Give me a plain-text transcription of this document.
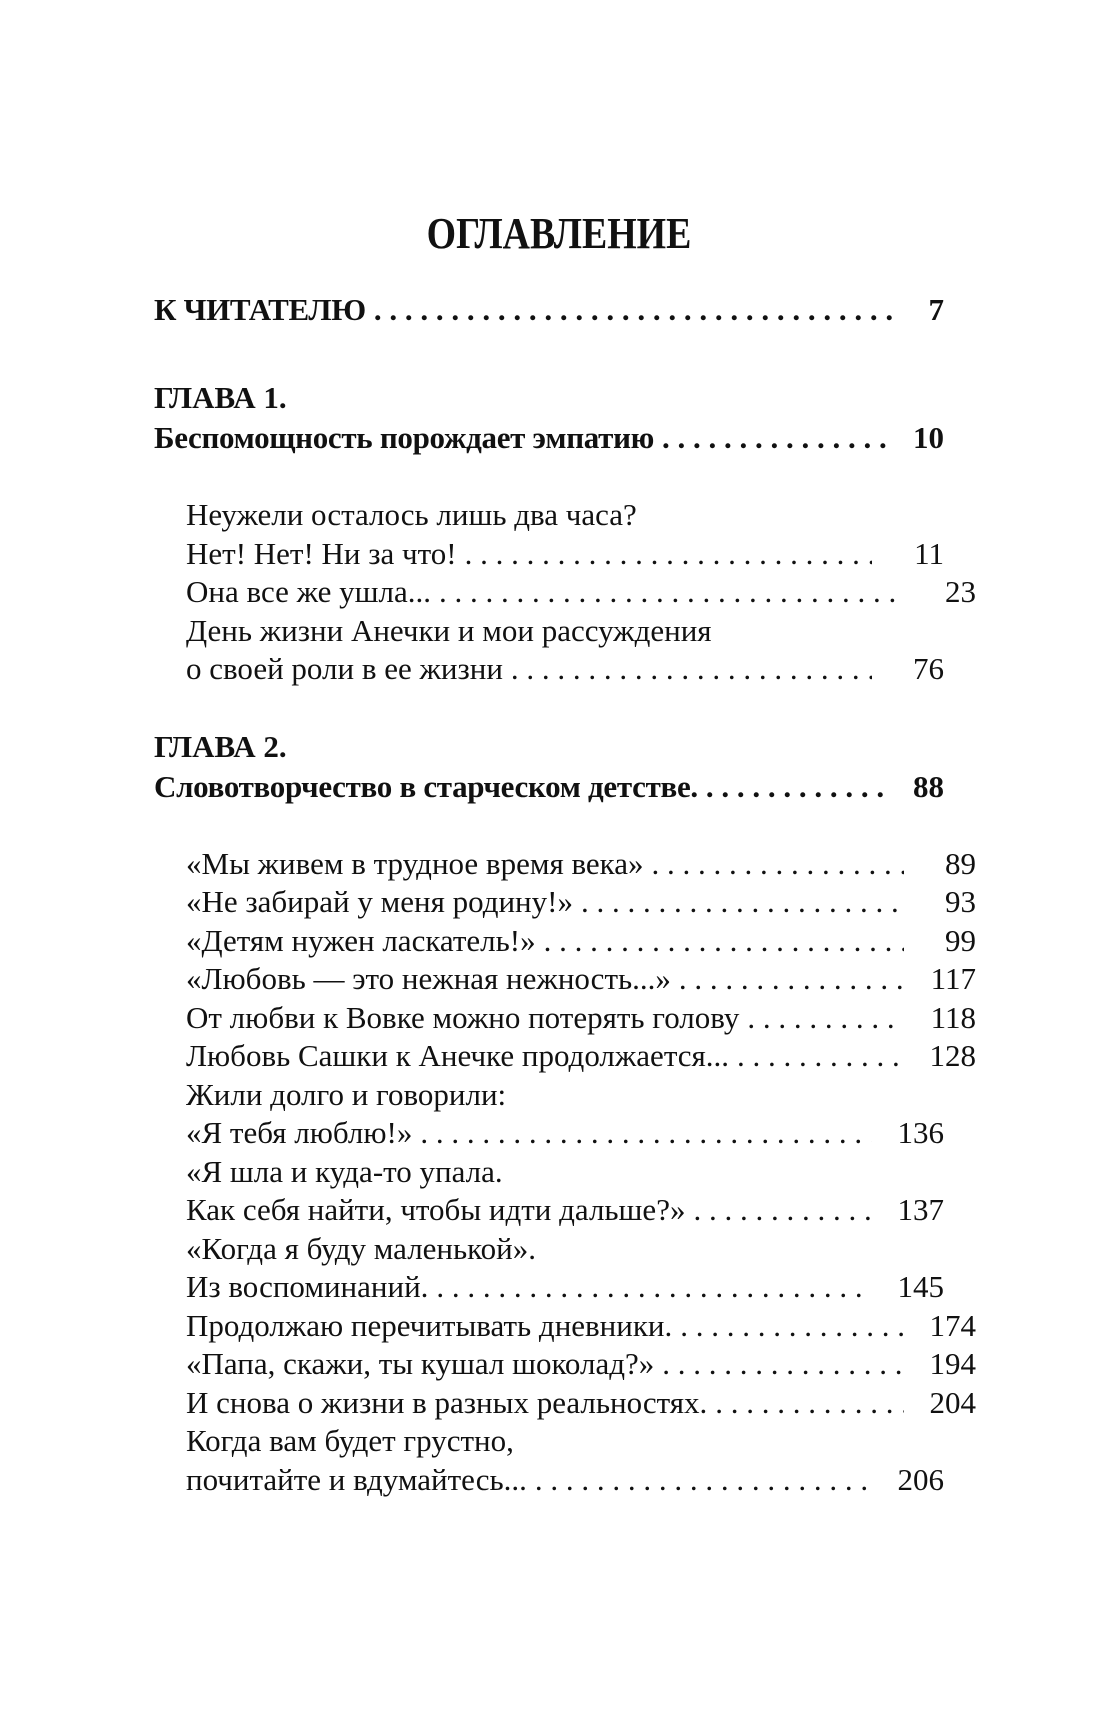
ОГЛАВЛЕНИЕ
К ЧИТАТЕЛЮ . . .	7
ГЛАВА 1.
Беспомощность порождает эмпатию . . .	10
Неужели осталось лишь два часа?
Нет! Нет! Ни за что! . . .	11
Она все же ушла... . . .	23
День жизни Анечки и мои рассуждения
о своей роли в ее жизни . . .	76
ГЛАВА 2.
Словотворчество в старческом детстве. . . .	88
«Мы живем в трудное время века» . . .	89
«Не забирай у меня родину!» . . .	93
«Детям нужен ласкатель!» . . .	99
«Любовь — это нежная нежность...» . . .	117
От любви к Вовке можно потерять голову . . .	118
Любовь Сашки к Анечке продолжается... . . .	128
Жили долго и говорили:
«Я тебя люблю!» . . .	136
«Я шла и куда-то упала.
Как себя найти, чтобы идти дальше?» . . .	137
«Когда я буду маленькой».
Из воспоминаний. . . .	145
Продолжаю перечитывать дневники. . . .	174
«Папа, скажи, ты кушал шоколад?» . . .	194
И снова о жизни в разных реальностях. . . .	204
Когда вам будет грустно,
почитайте и вдумайтесь... . . .	206
